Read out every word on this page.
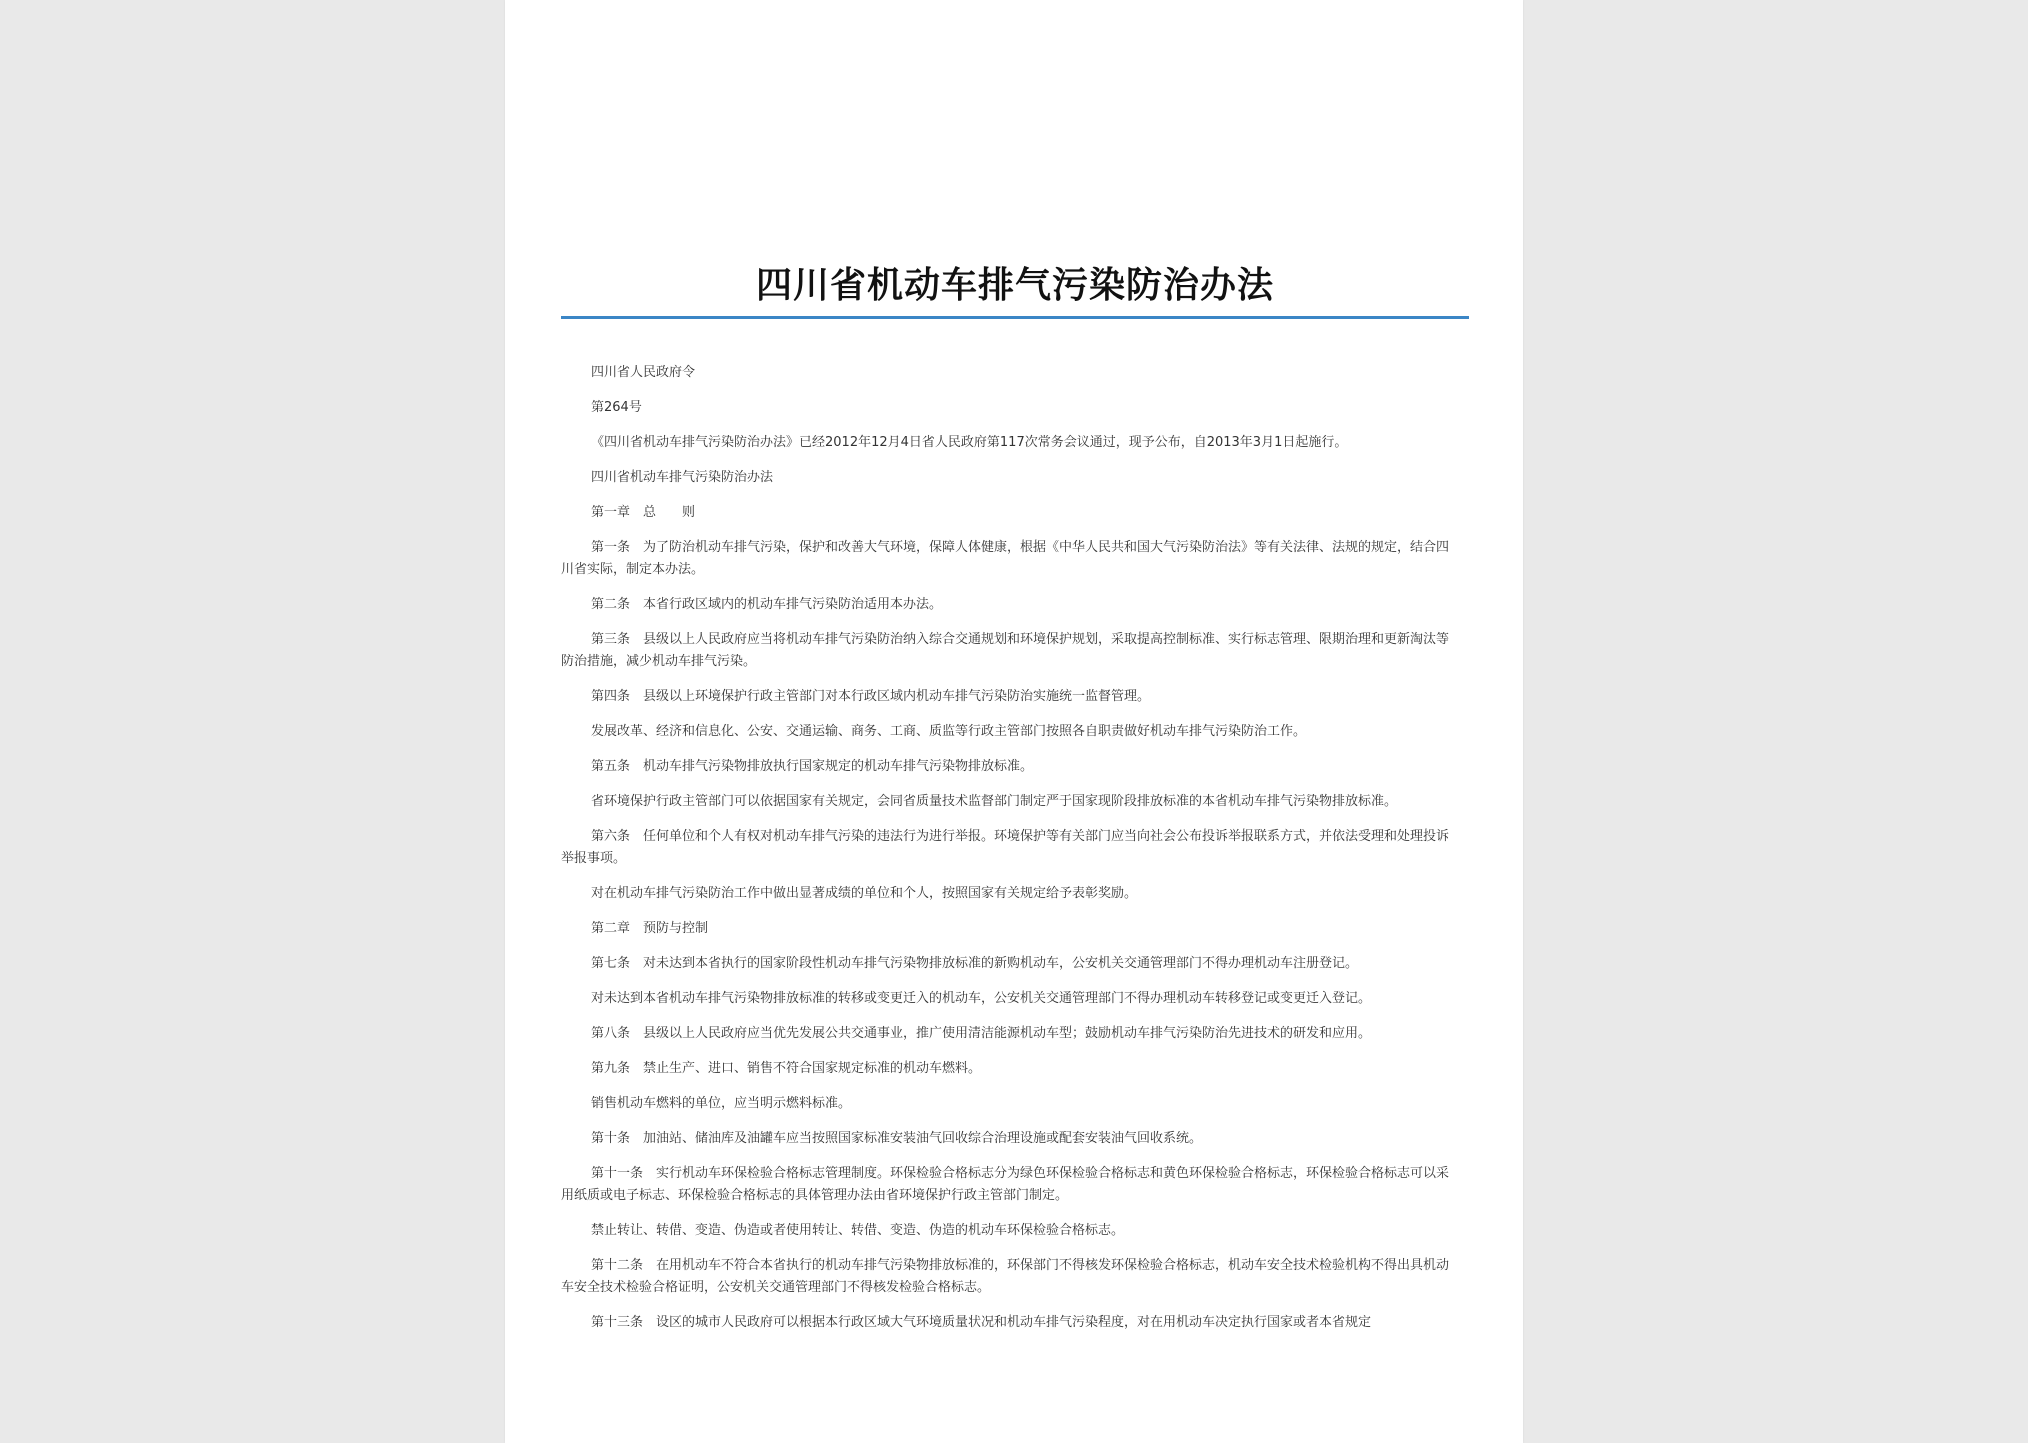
四川省机动车排气污染防治办法

四川省人民政府令

第264号

《四川省机动车排气污染防治办法》已经2012年12月4日省人民政府第117次常务会议通过，现予公布，自2013年3月1日起施行。

四川省机动车排气污染防治办法

第一章　总　　则

第一条　为了防治机动车排气污染，保护和改善大气环境，保障人体健康，根据《中华人民共和国大气污染防治法》等有关法律、法规的规定，结合四川省实际，制定本办法。

第二条　本省行政区域内的机动车排气污染防治适用本办法。

第三条　县级以上人民政府应当将机动车排气污染防治纳入综合交通规划和环境保护规划，采取提高控制标准、实行标志管理、限期治理和更新淘汰等防治措施，减少机动车排气污染。

第四条　县级以上环境保护行政主管部门对本行政区域内机动车排气污染防治实施统一监督管理。

发展改革、经济和信息化、公安、交通运输、商务、工商、质监等行政主管部门按照各自职责做好机动车排气污染防治工作。

第五条　机动车排气污染物排放执行国家规定的机动车排气污染物排放标准。

省环境保护行政主管部门可以依据国家有关规定，会同省质量技术监督部门制定严于国家现阶段排放标准的本省机动车排气污染物排放标准。

第六条　任何单位和个人有权对机动车排气污染的违法行为进行举报。环境保护等有关部门应当向社会公布投诉举报联系方式，并依法受理和处理投诉举报事项。

对在机动车排气污染防治工作中做出显著成绩的单位和个人，按照国家有关规定给予表彰奖励。

第二章　预防与控制

第七条　对未达到本省执行的国家阶段性机动车排气污染物排放标准的新购机动车，公安机关交通管理部门不得办理机动车注册登记。

对未达到本省机动车排气污染物排放标准的转移或变更迁入的机动车，公安机关交通管理部门不得办理机动车转移登记或变更迁入登记。

第八条　县级以上人民政府应当优先发展公共交通事业，推广使用清洁能源机动车型；鼓励机动车排气污染防治先进技术的研发和应用。

第九条　禁止生产、进口、销售不符合国家规定标准的机动车燃料。

销售机动车燃料的单位，应当明示燃料标准。

第十条　加油站、储油库及油罐车应当按照国家标准安装油气回收综合治理设施或配套安装油气回收系统。

第十一条　实行机动车环保检验合格标志管理制度。环保检验合格标志分为绿色环保检验合格标志和黄色环保检验合格标志，环保检验合格标志可以采用纸质或电子标志、环保检验合格标志的具体管理办法由省环境保护行政主管部门制定。

禁止转让、转借、变造、伪造或者使用转让、转借、变造、伪造的机动车环保检验合格标志。

第十二条　在用机动车不符合本省执行的机动车排气污染物排放标准的，环保部门不得核发环保检验合格标志，机动车安全技术检验机构不得出具机动车安全技术检验合格证明，公安机关交通管理部门不得核发检验合格标志。

第十三条　设区的城市人民政府可以根据本行政区域大气环境质量状况和机动车排气污染程度，对在用机动车决定执行国家或者本省规定
